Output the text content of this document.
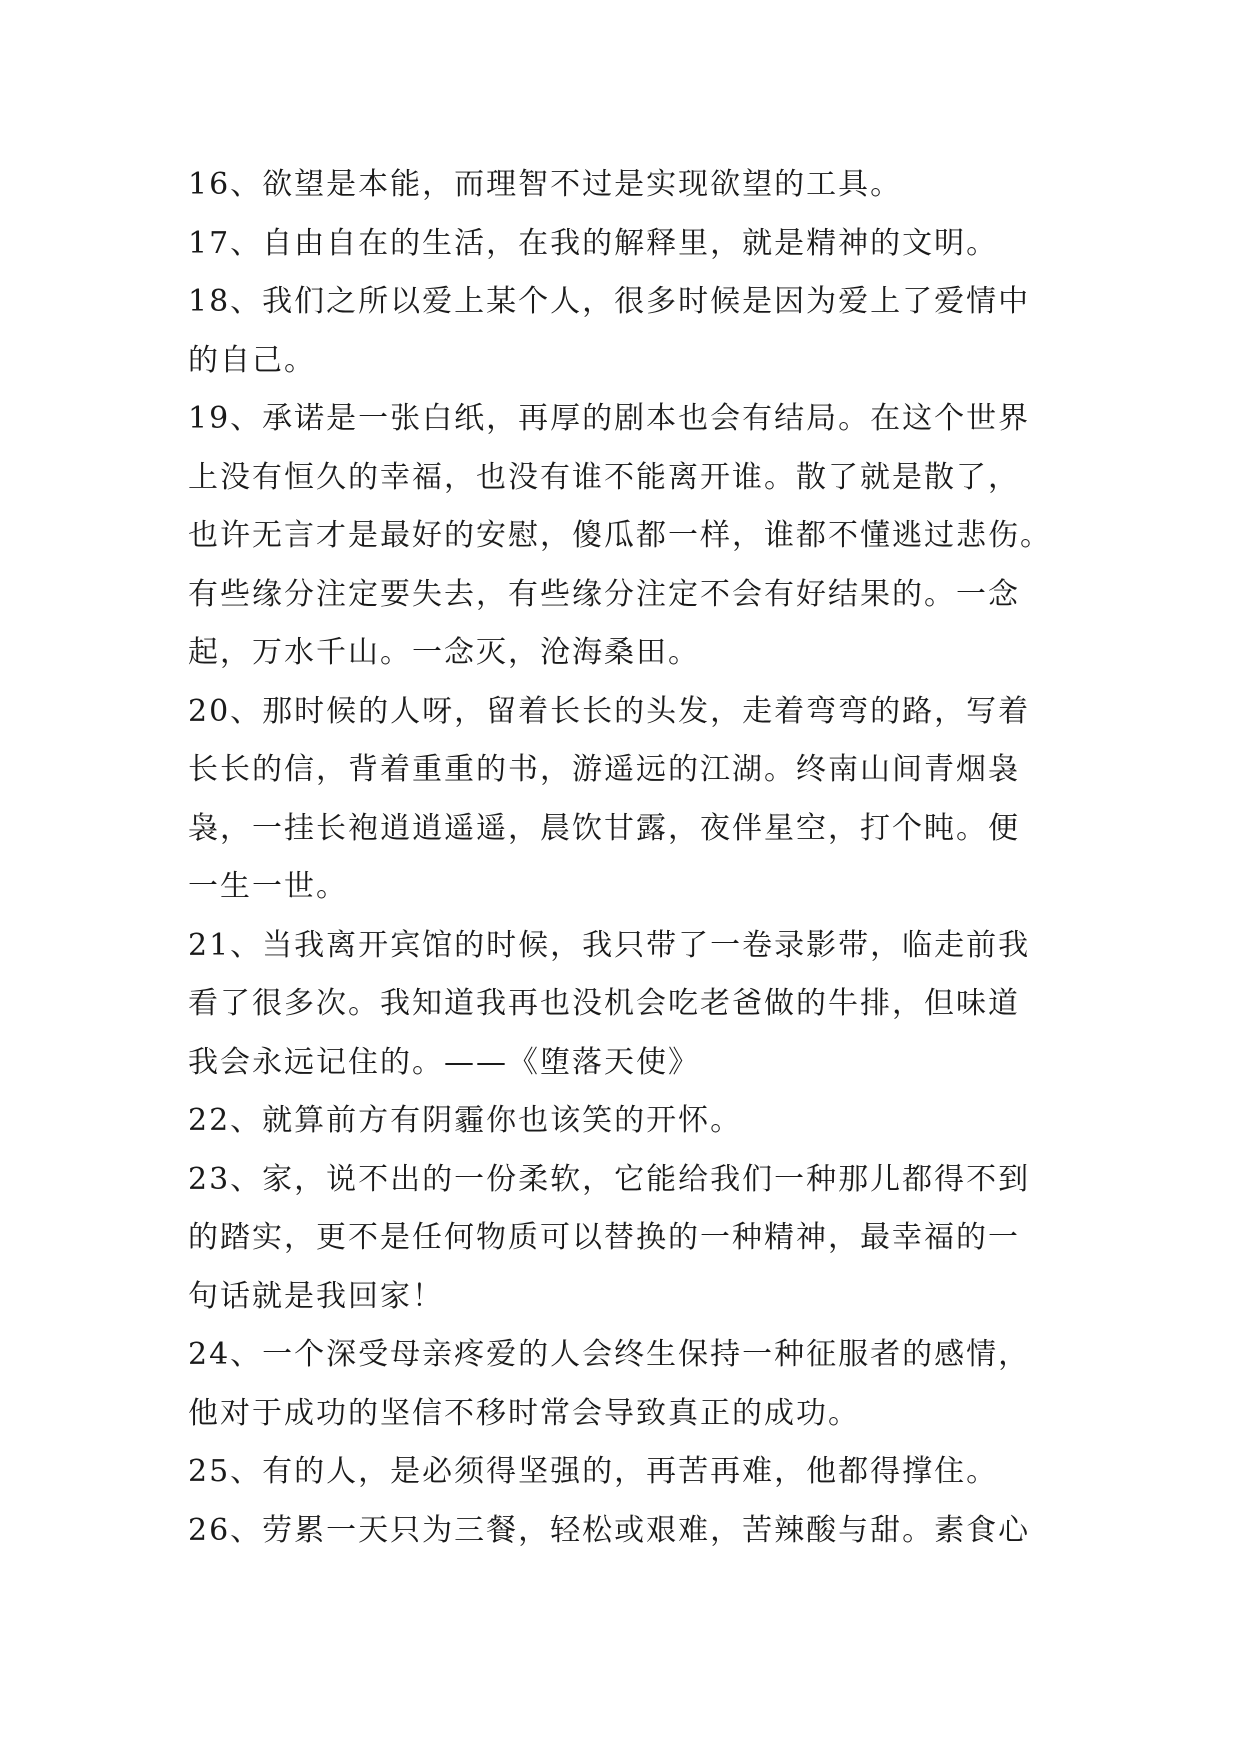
16、欲望是本能，而理智不过是实现欲望的工具。
17、自由自在的生活，在我的解释里，就是精神的文明。
18、我们之所以爱上某个人，很多时候是因为爱上了爱情中
的自己。
19、承诺是一张白纸，再厚的剧本也会有结局。在这个世界
上没有恒久的幸福，也没有谁不能离开谁。散了就是散了，
也许无言才是最好的安慰，傻瓜都一样，谁都不懂逃过悲伤。
有些缘分注定要失去，有些缘分注定不会有好结果的。一念
起，万水千山。一念灭，沧海桑田。
20、那时候的人呀，留着长长的头发，走着弯弯的路，写着
长长的信，背着重重的书，游遥远的江湖。终南山间青烟袅
袅，一挂长袍逍逍遥遥，晨饮甘露，夜伴星空，打个盹。便
一生一世。
21、当我离开宾馆的时候，我只带了一卷录影带，临走前我
看了很多次。我知道我再也没机会吃老爸做的牛排，但味道
我会永远记住的。——《堕落天使》
22、就算前方有阴霾你也该笑的开怀。
23、家，说不出的一份柔软，它能给我们一种那儿都得不到
的踏实，更不是任何物质可以替换的一种精神，最幸福的一
句话就是我回家！
24、一个深受母亲疼爱的人会终生保持一种征服者的感情，
他对于成功的坚信不移时常会导致真正的成功。
25、有的人，是必须得坚强的，再苦再难，他都得撑住。
26、劳累一天只为三餐，轻松或艰难，苦辣酸与甜。素食心
